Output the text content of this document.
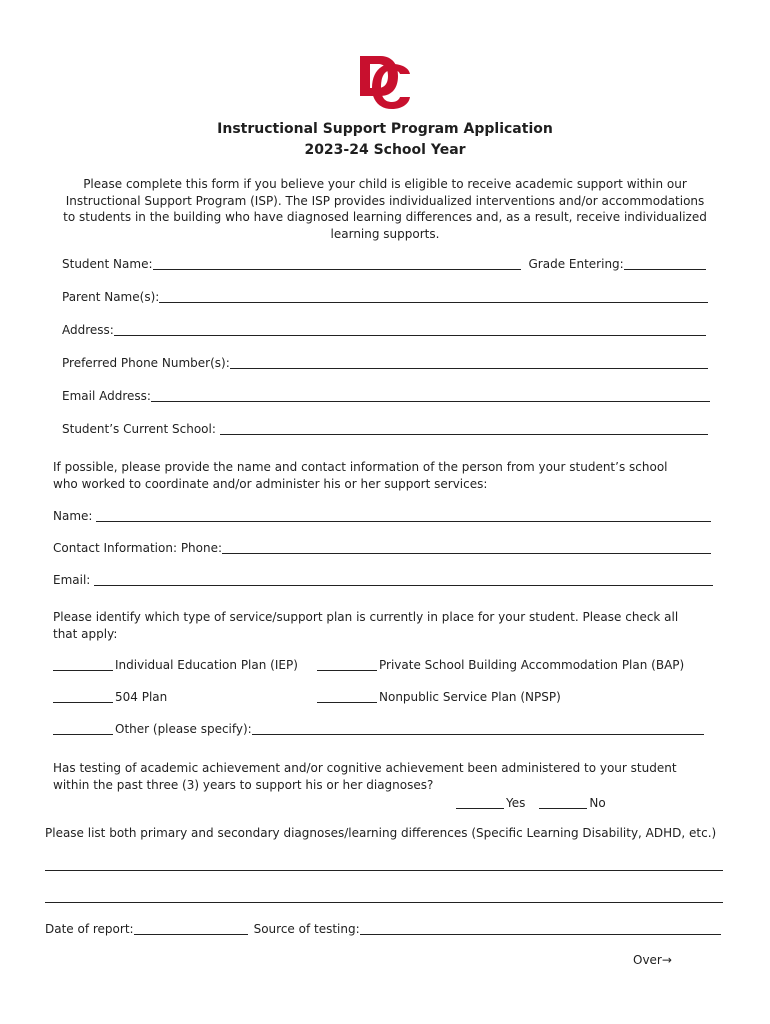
Instructional Support Program Application
2023-24 School Year

Please complete this form if you believe your child is eligible to receive academic support within our Instructional Support Program (ISP). The ISP provides individualized interventions and/or accommodations to students in the building who have diagnosed learning differences and, as a result, receive individualized learning supports.

Student Name:	Grade Entering:
Parent Name(s):
Address:
Preferred Phone Number(s):
Email Address:
Student’s Current School:

If possible, please provide the name and contact information of the person from your student’s school who worked to coordinate and/or administer his or her support services:

Name:
Contact Information: Phone:
Email:

Please identify which type of service/support plan is currently in place for your student. Please check all that apply:

Individual Education Plan (IEP)	Private School Building Accommodation Plan (BAP)
504 Plan	Nonpublic Service Plan (NPSP)
Other (please specify):

Has testing of academic achievement and/or cognitive achievement been administered to your student within the past three (3) years to support his or her diagnoses?

Yes	No
Please list both primary and secondary diagnoses/learning differences (Specific Learning Disability, ADHD, etc.)
Date of report:	Source of testing:
Over→
